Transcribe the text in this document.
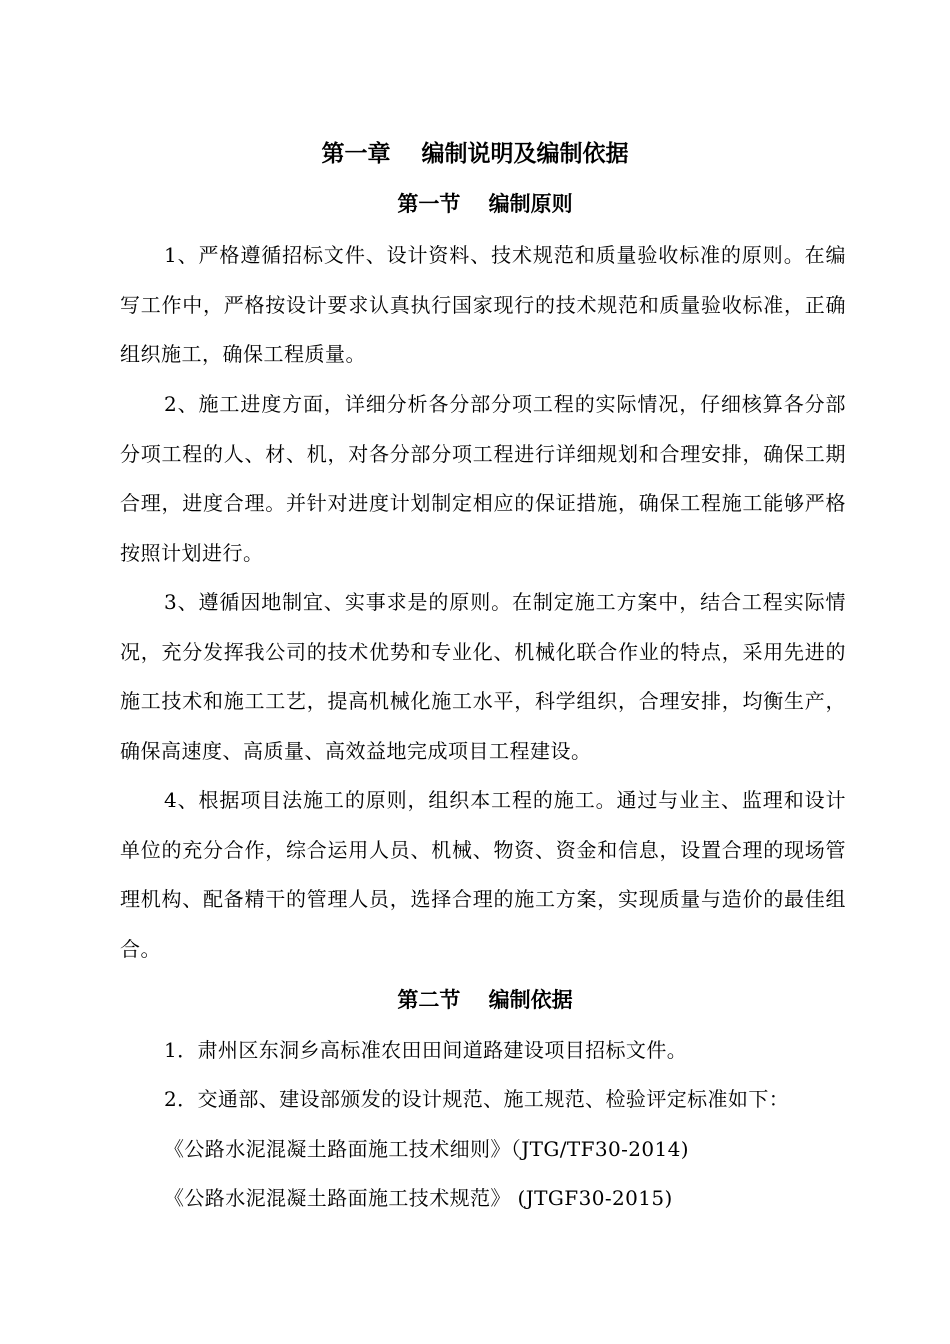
第一章　 编制说明及编制依据
第一节　 编制原则
1、严格遵循招标文件、设计资料、技术规范和质量验收标准的原则。在编写工作中，严格按设计要求认真执行国家现行的技术规范和质量验收标准，正确组织施工，确保工程质量。
2、施工进度方面，详细分析各分部分项工程的实际情况，仔细核算各分部分项工程的人、材、机，对各分部分项工程进行详细规划和合理安排，确保工期合理，进度合理。并针对进度计划制定相应的保证措施，确保工程施工能够严格按照计划进行。
3、遵循因地制宜、实事求是的原则。在制定施工方案中，结合工程实际情况，充分发挥我公司的技术优势和专业化、机械化联合作业的特点，采用先进的施工技术和施工工艺，提高机械化施工水平，科学组织，合理安排，均衡生产，确保高速度、高质量、高效益地完成项目工程建设。
4、根据项目法施工的原则，组织本工程的施工。通过与业主、监理和设计单位的充分合作，综合运用人员、机械、物资、资金和信息，设置合理的现场管理机构、配备精干的管理人员，选择合理的施工方案，实现质量与造价的最佳组合。
第二节　 编制依据
1．肃州区东洞乡高标准农田田间道路建设项目招标文件。
2．交通部、建设部颁发的设计规范、施工规范、检验评定标准如下：
《公路水泥混凝土路面施工技术细则》（JTG/TF30-2014)
《公路水泥混凝土路面施工技术规范》 (JTGF30-2015)
